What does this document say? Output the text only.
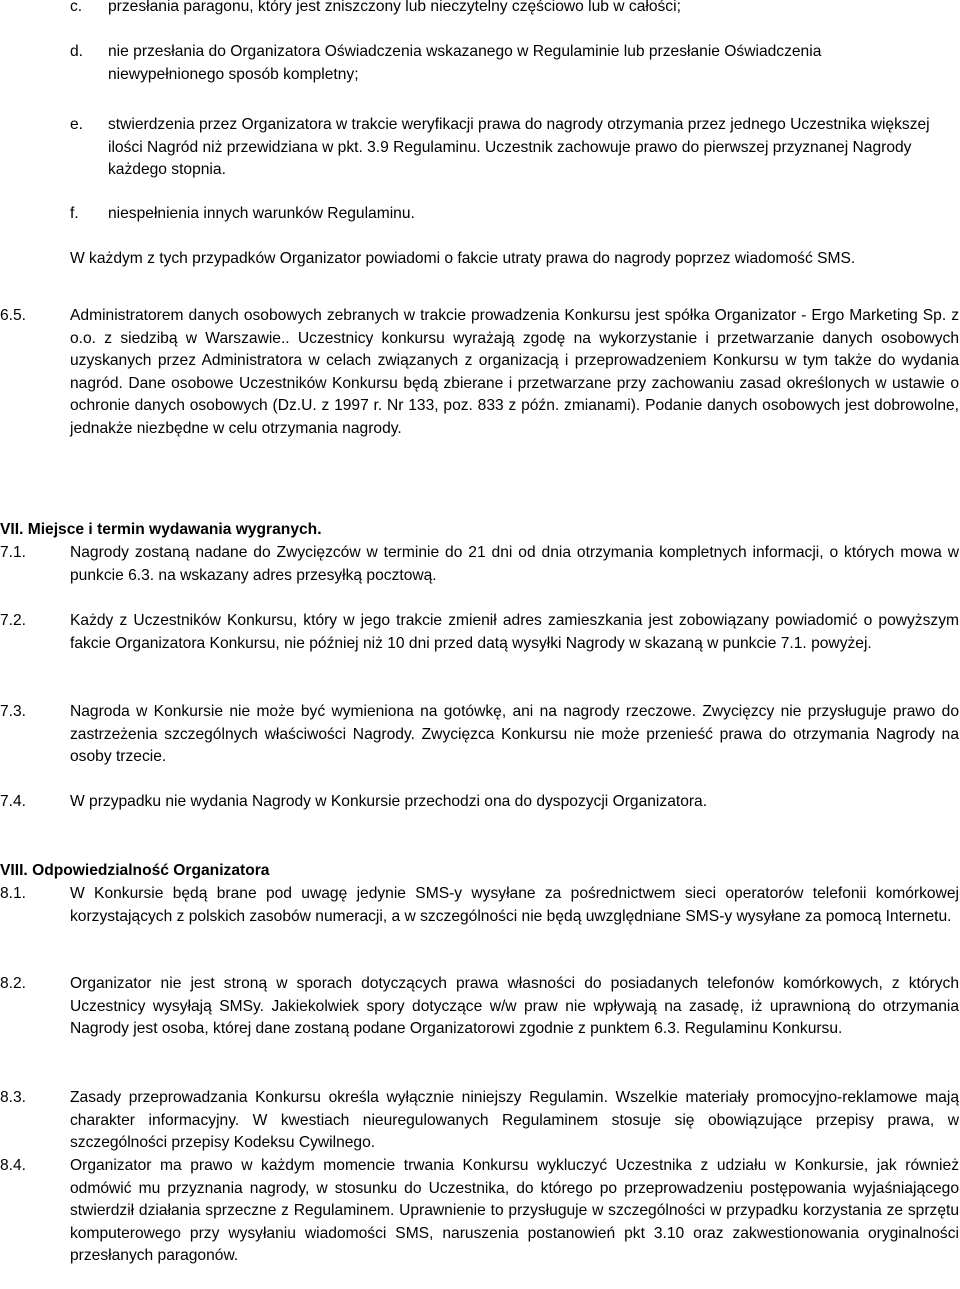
c. przesłania paragonu, który jest zniszczony lub nieczytelny częściowo lub w całości;

d. nie przesłania do Organizatora Oświadczenia wskazanego w Regulaminie lub przesłanie Oświadczenia niewypełnionego sposób kompletny;

e. stwierdzenia przez Organizatora w trakcie weryfikacji prawa do nagrody otrzymania przez jednego Uczestnika większej ilości Nagród niż przewidziana w pkt. 3.9 Regulaminu. Uczestnik zachowuje prawo do pierwszej przyznanej Nagrody każdego stopnia.

f. niespełnienia innych warunków Regulaminu.

W każdym z tych przypadków Organizator powiadomi o fakcie utraty prawa do nagrody poprzez wiadomość SMS.

6.5.	Administratorem danych osobowych zebranych w trakcie prowadzenia Konkursu jest spółka Organizator - Ergo Marketing Sp. z o.o. z siedzibą w Warszawie.. Uczestnicy konkursu wyrażają zgodę na wykorzystanie i przetwarzanie danych osobowych uzyskanych przez Administratora w celach związanych z organizacją i przeprowadzeniem Konkursu w tym także do wydania nagród. Dane osobowe Uczestników Konkursu będą zbierane i przetwarzane przy zachowaniu zasad określonych w ustawie o ochronie danych osobowych (Dz.U. z 1997 r. Nr 133, poz. 833 z późn. zmianami). Podanie danych osobowych jest dobrowolne, jednakże niezbędne w celu otrzymania nagrody.

VII. Miejsce i termin wydawania wygranych.
7.1.	Nagrody zostaną nadane do Zwycięzców w terminie do 21 dni od dnia otrzymania kompletnych informacji, o których mowa w punkcie 6.3. na wskazany adres przesyłką pocztową.

7.2.	Każdy z Uczestników Konkursu, który w jego trakcie zmienił adres zamieszkania jest zobowiązany powiadomić o powyższym fakcie Organizatora Konkursu, nie później niż 10 dni przed datą wysyłki Nagrody w skazaną w punkcie 7.1. powyżej.

7.3.	Nagroda w Konkursie nie może być wymieniona na gotówkę, ani na nagrody rzeczowe. Zwycięzcy nie przysługuje prawo do zastrzeżenia szczególnych właściwości Nagrody. Zwycięzca Konkursu nie może przenieść prawa do otrzymania Nagrody na osoby trzecie.

7.4.	W przypadku nie wydania Nagrody w Konkursie przechodzi ona do dyspozycji Organizatora.

VIII. Odpowiedzialność Organizatora
8.1.	W Konkursie będą brane pod uwagę jedynie SMS-y wysyłane za pośrednictwem sieci operatorów telefonii komórkowej korzystających z polskich zasobów numeracji, a w szczególności nie będą uwzględniane SMS-y wysyłane za pomocą Internetu.

8.2.	Organizator nie jest stroną w sporach dotyczących prawa własności do posiadanych telefonów komórkowych, z których Uczestnicy wysyłają SMSy. Jakiekolwiek spory dotyczące w/w praw nie wpływają na zasadę, iż uprawnioną do otrzymania Nagrody jest osoba, której dane zostaną podane Organizatorowi zgodnie z punktem 6.3. Regulaminu Konkursu.

8.3.	Zasady przeprowadzania Konkursu określa wyłącznie niniejszy Regulamin. Wszelkie materiały promocyjno-reklamowe mają charakter informacyjny. W kwestiach nieuregulowanych Regulaminem stosuje się obowiązujące przepisy prawa, w szczególności przepisy Kodeksu Cywilnego.

8.4.	Organizator ma prawo w każdym momencie trwania Konkursu wykluczyć Uczestnika z udziału w Konkursie, jak również odmówić mu przyznania nagrody, w stosunku do Uczestnika, do którego po przeprowadzeniu postępowania wyjaśniającego stwierdził działania sprzeczne z Regulaminem. Uprawnienie to przysługuje w szczególności w przypadku korzystania ze sprzętu komputerowego przy wysyłaniu wiadomości SMS, naruszenia postanowień pkt 3.10 oraz zakwestionowania oryginalności przesłanych paragonów.
